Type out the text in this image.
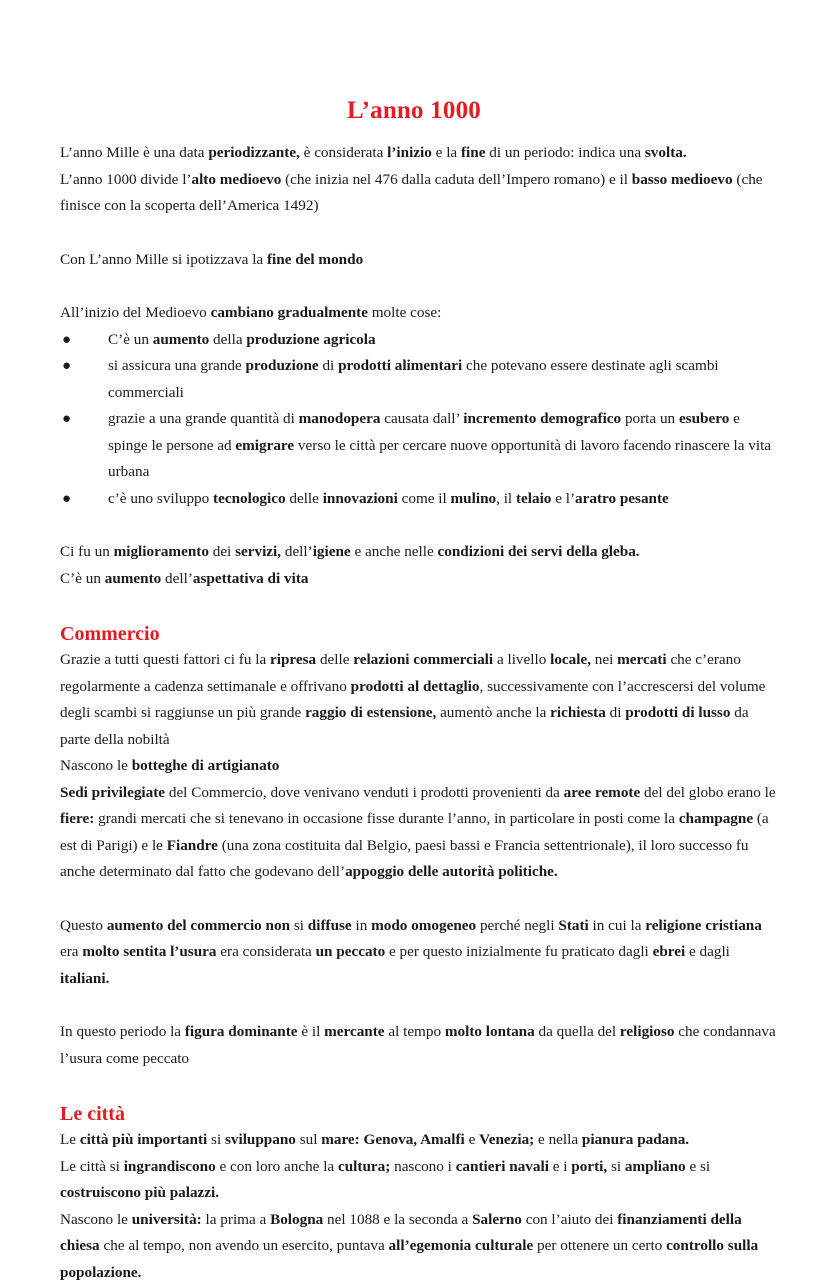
L’anno 1000

L’anno Mille è una data periodizzante, è considerata l’inizio e la fine di un periodo: indica una svolta.

L’anno 1000 divide l’alto medioevo (che inizia nel 476 dalla caduta dell’Impero romano) e il basso medioevo (che finisce con la scoperta dell’America 1492)

Con L’anno Mille si ipotizzava la fine del mondo

All’inizio del Medioevo cambiano gradualmente molte cose:

● C’è un aumento della produzione agricola
● si assicura una grande produzione di prodotti alimentari che potevano essere destinate agli scambi commerciali
● grazie a una grande quantità di manodopera causata dall’ incremento demografico porta un esubero e spinge le persone ad emigrare verso le città per cercare nuove opportunità di lavoro facendo rinascere la vita urbana
● c’è uno sviluppo tecnologico delle innovazioni come il mulino, il telaio e l’aratro pesante

Ci fu un miglioramento dei servizi, dell’igiene e anche nelle condizioni dei servi della gleba.

C’è un aumento dell’aspettativa di vita

Commercio

Grazie a tutti questi fattori ci fu la ripresa delle relazioni commerciali a livello locale, nei mercati che c’erano regolarmente a cadenza settimanale e offrivano prodotti al dettaglio, successivamente con l’accrescersi del volume degli scambi si raggiunse un più grande raggio di estensione, aumentò anche la richiesta di prodotti di lusso da parte della nobiltà

Nascono le botteghe di artigianato

Sedi privilegiate del Commercio, dove venivano venduti i prodotti provenienti da aree remote del del globo erano le fiere: grandi mercati che si tenevano in occasione fisse durante l’anno, in particolare in posti come la champagne (a est di Parigi) e le Fiandre (una zona costituita dal Belgio, paesi bassi e Francia settentrionale), il loro successo fu anche determinato dal fatto che godevano dell’appoggio delle autorità politiche.

Questo aumento del commercio non si diffuse in modo omogeneo perché negli Stati in cui la religione cristiana era molto sentita l’usura era considerata un peccato e per questo inizialmente fu praticato dagli ebrei e dagli italiani.

In questo periodo la figura dominante è il mercante al tempo molto lontana da quella del religioso che condannava l’usura come peccato

Le città

Le città più importanti si sviluppano sul mare: Genova, Amalfi e Venezia; e nella pianura padana.

Le città si ingrandiscono e con loro anche la cultura; nascono i cantieri navali e i porti, si ampliano e si costruiscono più palazzi.

Nascono le università: la prima a Bologna nel 1088 e la seconda a Salerno con l’aiuto dei finanziamenti della chiesa che al tempo, non avendo un esercito, puntava all’egemonia culturale per ottenere un certo controllo sulla popolazione.
